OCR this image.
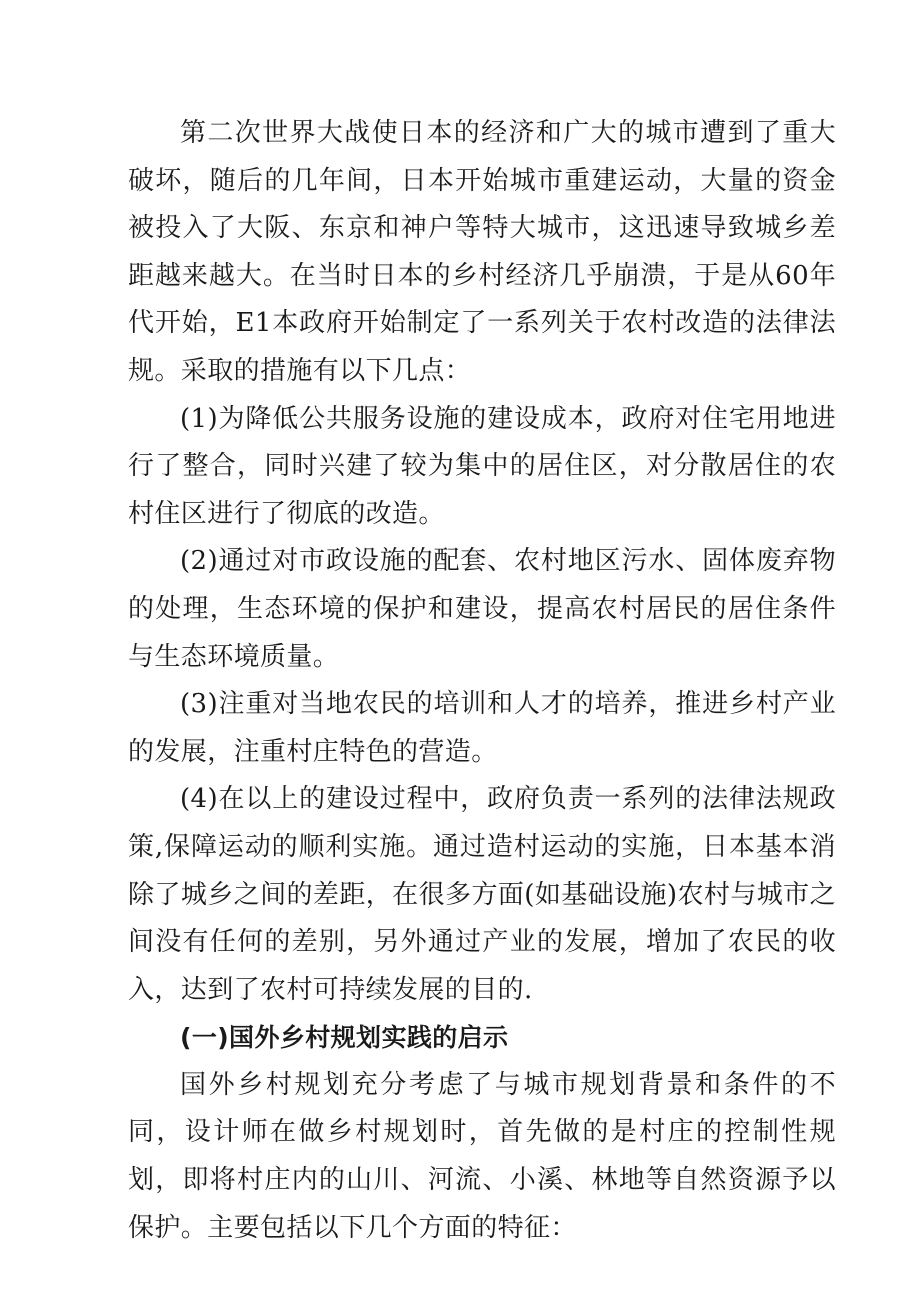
第二次世界大战使日本的经济和广大的城市遭到了重大破坏，随后的几年间，日本开始城市重建运动，大量的资金被投入了大阪、东京和神户等特大城市，这迅速导致城乡差距越来越大。在当时日本的乡村经济几乎崩溃，于是从60年代开始，E1本政府开始制定了一系列关于农村改造的法律法规。采取的措施有以下几点：

(1)为降低公共服务设施的建设成本，政府对住宅用地进行了整合，同时兴建了较为集中的居住区，对分散居住的农村住区进行了彻底的改造。

(2)通过对市政设施的配套、农村地区污水、固体废弃物的处理，生态环境的保护和建设，提高农村居民的居住条件与生态环境质量。

(3)注重对当地农民的培训和人才的培养，推进乡村产业的发展，注重村庄特色的营造。

(4)在以上的建设过程中，政府负责一系列的法律法规政策,保障运动的顺利实施。通过造村运动的实施，日本基本消除了城乡之间的差距，在很多方面(如基础设施)农村与城市之间没有任何的差别，另外通过产业的发展，增加了农民的收入，达到了农村可持续发展的目的.

(一)国外乡村规划实践的启示

国外乡村规划充分考虑了与城市规划背景和条件的不同，设计师在做乡村规划时，首先做的是村庄的控制性规划，即将村庄内的山川、河流、小溪、林地等自然资源予以保护。主要包括以下几个方面的特征：
